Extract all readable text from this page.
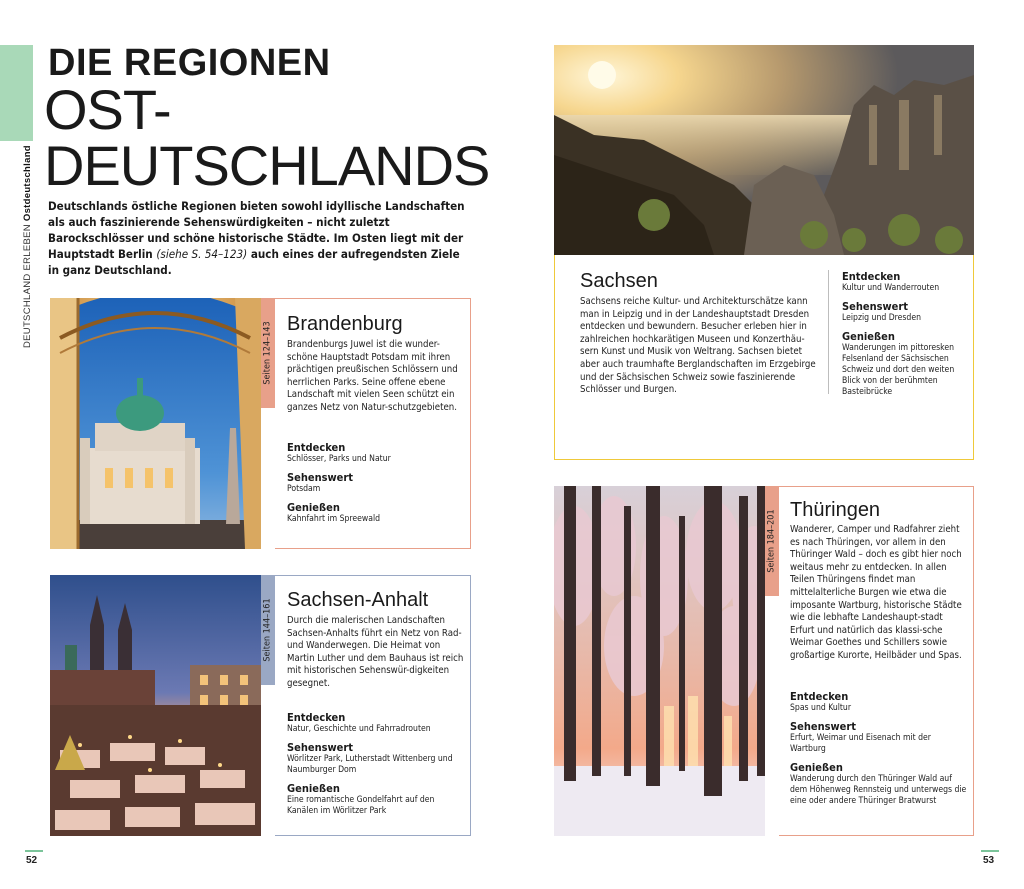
DEUTSCHLAND ERLEBEN Ostdeutschland
DIE REGIONEN
OST-
DEUTSCHLANDS
Deutschlands östliche Regionen bieten sowohl idyllische Landschaften als auch faszinierende Sehenswürdigkeiten – nicht zuletzt Barockschlösser und schöne historische Städte. Im Osten liegt mit der Hauptstadt Berlin (siehe S. 54–123) auch eines der aufregendsten Ziele in ganz Deutschland.
Seiten 124–143 Brandenburg
Brandenburgs Juwel ist die wunder-schöne Hauptstadt Potsdam mit ihren prächtigen preußischen Schlössern und herrlichen Parks. Seine offene ebene Landschaft mit vielen Seen schützt ein ganzes Netz von Natur-schutzgebieten.
Entdecken
Schlösser, Parks und Natur
Sehenswert
Potsdam
Genießen
Kahnfahrt im Spreewald
Seiten 144–161 Sachsen-Anhalt
Durch die malerischen Landschaften Sachsen-Anhalts führt ein Netz von Rad- und Wanderwegen. Die Heimat von Martin Luther und dem Bauhaus ist reich mit historischen Sehenswür-digkeiten gesegnet.
Entdecken
Natur, Geschichte und Fahrradrouten
Sehenswert
Wörlitzer Park, Lutherstadt Wittenberg und Naumburger Dom
Genießen
Eine romantische Gondelfahrt auf den Kanälen im Wörlitzer Park
Sachsen
Sachsens reiche Kultur- und Architekturschätze kann man in Leipzig und in der Landeshauptstadt Dresden entdecken und bewundern. Besucher erleben hier in zahlreichen hochkarätigen Museen und Konzerthäu-sern Kunst und Musik von Weltrang. Sachsen bietet aber auch traumhafte Berglandschaften im Erzgebirge und der Sächsischen Schweiz sowie faszinierende Schlösser und Burgen.
Entdecken
Kultur und Wanderrouten
Sehenswert
Leipzig und Dresden
Genießen
Wanderungen im pittoresken Felsenland der Sächsischen Schweiz und dort den weiten Blick von der berühmten Basteibrücke
Seiten 184–201 Thüringen
Wanderer, Camper und Radfahrer zieht es nach Thüringen, vor allem in den Thüringer Wald – doch es gibt hier noch weitaus mehr zu entdecken. In allen Teilen Thüringens findet man mittelalterliche Burgen wie etwa die imposante Wartburg, historische Städte wie die lebhafte Landeshaupt-stadt Erfurt und natürlich das klassi-sche Weimar Goethes und Schillers sowie großartige Kurorte, Heilbäder und Spas.
Entdecken
Spas und Kultur
Sehenswert
Erfurt, Weimar und Eisenach mit der Wartburg
Genießen
Wanderung durch den Thüringer Wald auf dem Höhenweg Rennsteig und unterwegs die eine oder andere Thüringer Bratwurst
52	53
